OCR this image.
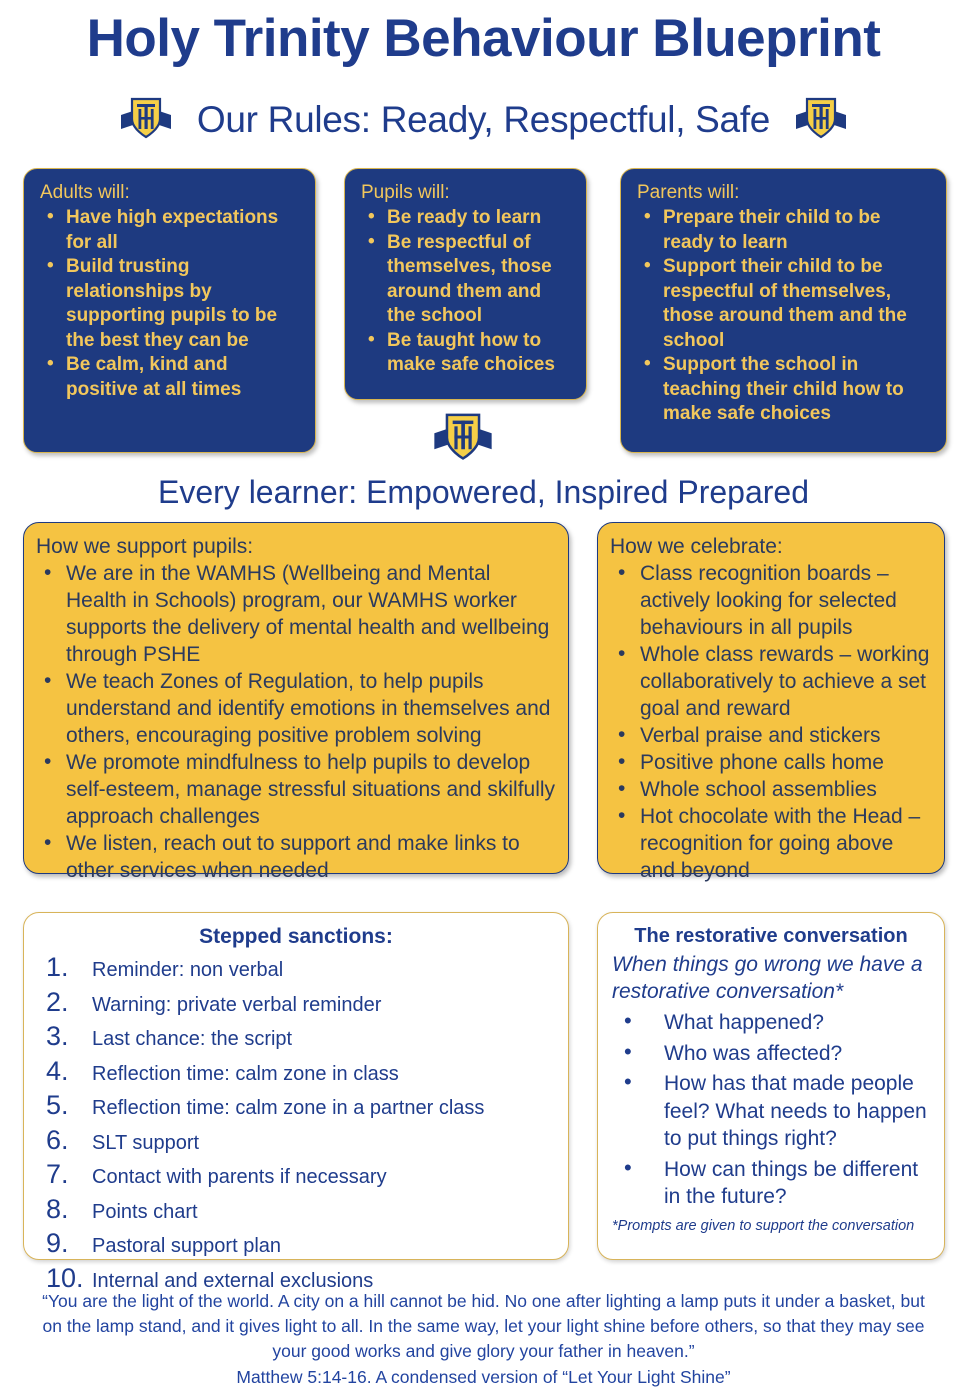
Holy Trinity Behaviour Blueprint
Our Rules: Ready, Respectful, Safe
Adults will:
• Have high expectations for all
• Build trusting relationships by supporting pupils to be the best they can be
• Be calm, kind and positive at all times
Pupils will:
• Be ready to learn
• Be respectful of themselves, those around them and the school
• Be taught how to make safe choices
Parents will:
• Prepare their child to be ready to learn
• Support their child to be respectful of themselves, those around them and the school
• Support the school in teaching their child how to make safe choices
Every learner: Empowered, Inspired Prepared
How we support pupils:
• We are in the WAMHS (Wellbeing and Mental Health in Schools) program, our WAMHS worker supports the delivery of mental health and wellbeing through PSHE
• We teach Zones of Regulation, to help pupils understand and identify emotions in themselves and others, encouraging positive problem solving
• We promote mindfulness to help pupils to develop self-esteem, manage stressful situations and skilfully approach challenges
• We listen, reach out to support and make links to other services when needed
How we celebrate:
• Class recognition boards – actively looking for selected behaviours in all pupils
• Whole class rewards – working collaboratively to achieve a set goal and reward
• Verbal praise and stickers
• Positive phone calls home
• Whole school assemblies
• Hot chocolate with the Head – recognition for going above and beyond
Stepped sanctions:
1.	Reminder: non verbal
2.	Warning: private verbal reminder
3.	Last chance: the script
4.	Reflection time: calm zone in class
5.	Reflection time: calm zone in a partner class
6.	SLT support
7.	Contact with parents if necessary
8.	Points chart
9.	Pastoral support plan
10. Internal and external exclusions
The restorative conversation
When things go wrong we have a restorative conversation*
• What happened?
• Who was affected?
• How has that made people feel? What needs to happen to put things right?
• How can things be different in the future?
*Prompts are given to support the conversation
“You are the light of the world. A city on a hill cannot be hid. No one after lighting a lamp puts it under a basket, but on the lamp stand, and it gives light to all. In the same way, let your light shine before others, so that they may see your good works and give glory your father in heaven.”
Matthew 5:14-16. A condensed version of “Let Your Light Shine”
